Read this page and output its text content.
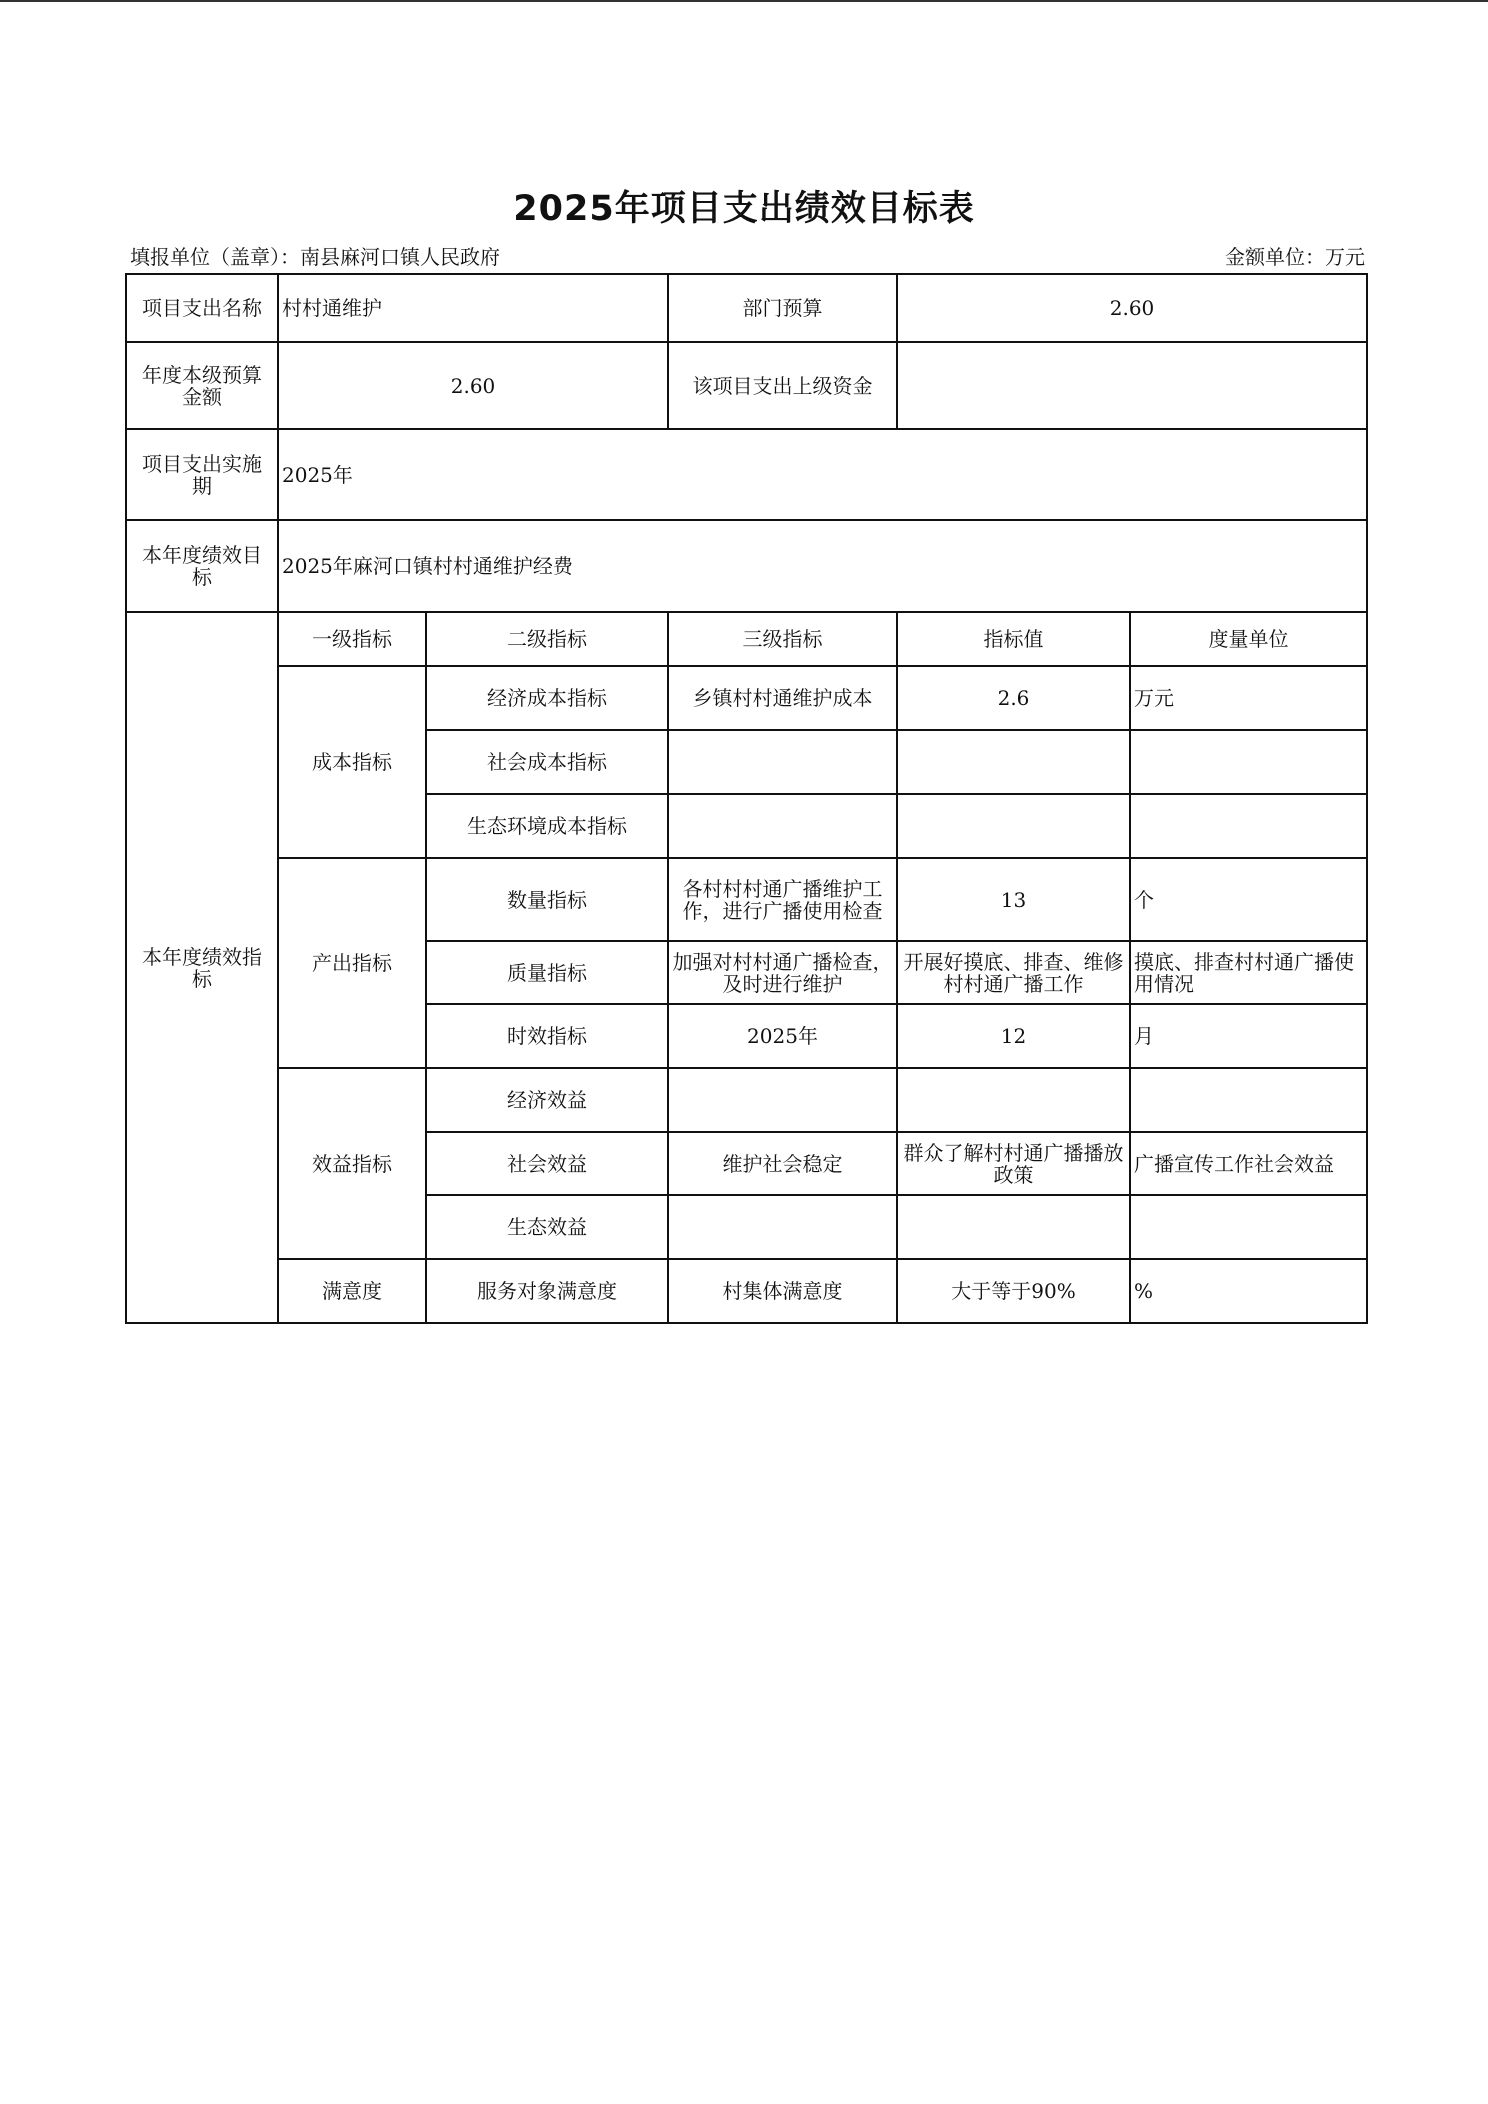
2025年项目支出绩效目标表
填报单位（盖章）：南县麻河口镇人民政府	金额单位：万元
项目支出名称	村村通维护		部门预算	2.60	
年度本级预算金额	2.60		该项目支出上级资金		
项目支出实施期	2025年				
本年度绩效目标	2025年麻河口镇村村通维护经费				
本年度绩效指标	一级指标	二级指标	三级指标	指标值	度量单位
	成本指标	经济成本指标	乡镇村村通维护成本	2.6	万元
		社会成本指标			
		生态环境成本指标			
	产出指标	数量指标	各村村村通广播维护工作，进行广播使用检查	13	个
		质量指标	加强对村村通广播检查，及时进行维护	开展好摸底、排查、维修村村通广播工作	摸底、排查村村通广播使用情况
		时效指标	2025年	12	月
	效益指标	经济效益			
		社会效益	维护社会稳定	群众了解村村通广播播放政策	广播宣传工作社会效益
		生态效益			
	满意度	服务对象满意度	村集体满意度	大于等于90%	%
